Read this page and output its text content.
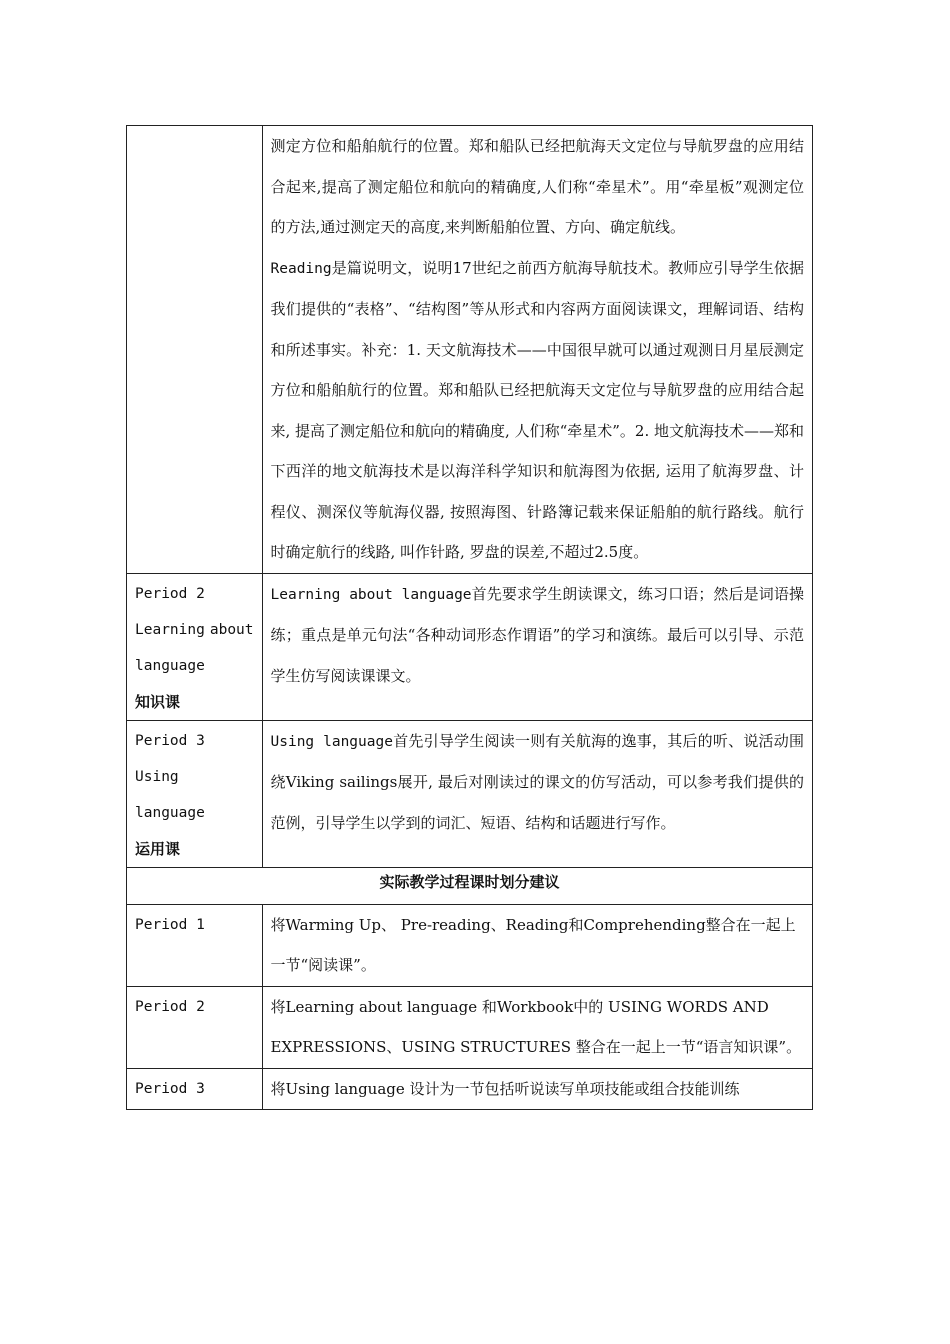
	测定方位和船舶航行的位置。郑和船队已经把航海天文定位与导航罗盘的应用结合起来,提高了测定船位和航向的精确度,人们称“牵星术”。用“牵星板”观测定位的方法,通过测定天的高度,来判断船舶位置、方向、确定航线。

Reading是篇说明文，说明17世纪之前西方航海导航技术。教师应引导学生依据我们提供的“表格”、“结构图”等从形式和内容两方面阅读课文，理解词语、结构和所述事实。补充：1. 天文航海技术——中国很早就可以通过观测日月星辰测定方位和船舶航行的位置。郑和船队已经把航海天文定位与导航罗盘的应用结合起来, 提高了测定船位和航向的精确度, 人们称“牵星术”。2. 地文航海技术——郑和下西洋的地文航海技术是以海洋科学知识和航海图为依据, 运用了航海罗盘、计程仪、测深仪等航海仪器, 按照海图、针路簿记载来保证船舶的航行路线。航行时确定航行的线路, 叫作针路, 罗盘的误差,不超过2.5度。

Period 2
Learning about
language
知识课	Learning about language首先要求学生朗读课文，练习口语；然后是词语操练；重点是单元句法“各种动词形态作谓语”的学习和演练。最后可以引导、示范学生仿写阅读课课文。

Period 3
Using language
运用课	Using language首先引导学生阅读一则有关航海的逸事，其后的听、说活动围绕Viking sailings展开, 最后对刚读过的课文的仿写活动，可以参考我们提供的范例，引导学生以学到的词汇、短语、结构和话题进行写作。

实际教学过程课时划分建议	

Period 1	将Warming Up、 Pre-reading、Reading和Comprehending整合在一起上一节“阅读课”。

Period 2	将Learning about language 和Workbook中的 USING WORDS AND EXPRESSIONS、USING STRUCTURES 整合在一起上一节“语言知识课”。

Period 3	将Using language 设计为一节包括听说读写单项技能或组合技能训练
